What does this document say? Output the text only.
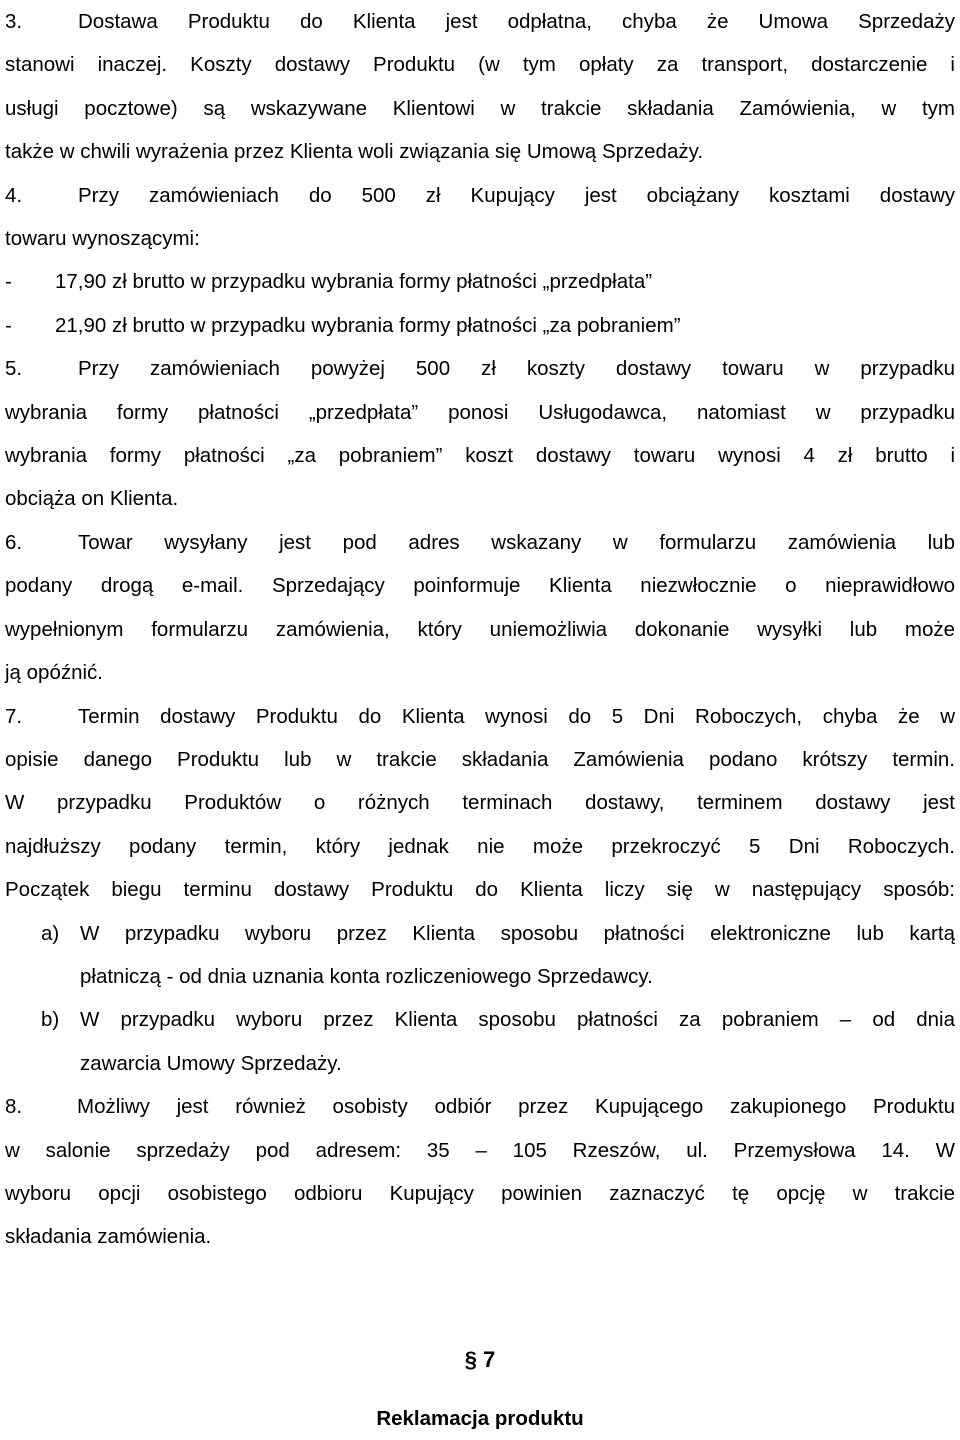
3.	Dostawa Produktu do Klienta jest odpłatna, chyba że Umowa Sprzedaży

stanowi inaczej. Koszty dostawy Produktu (w tym opłaty za transport, dostarczenie i

usługi pocztowe) są wskazywane Klientowi w trakcie składania Zamówienia, w tym

także w chwili wyrażenia przez Klienta woli związania się Umową Sprzedaży.

4.	Przy zamówieniach do 500 zł Kupujący jest obciążany kosztami dostawy

towaru wynoszącymi:

- 17,90 zł brutto w przypadku wybrania formy płatności „przedpłata”

- 21,90 zł brutto w przypadku wybrania formy płatności „za pobraniem”

5.	Przy zamówieniach powyżej 500 zł koszty dostawy towaru w przypadku

wybrania formy płatności „przedpłata” ponosi Usługodawca, natomiast w przypadku

wybrania formy płatności „za pobraniem” koszt dostawy towaru wynosi 4 zł brutto i

obciąża on Klienta.

6.	Towar wysyłany jest pod adres wskazany w formularzu zamówienia lub

podany drogą e-mail. Sprzedający poinformuje Klienta niezwłocznie o nieprawidłowo

wypełnionym formularzu zamówienia, który uniemożliwia dokonanie wysyłki lub może

ją opóźnić.

7.	Termin dostawy Produktu do Klienta wynosi do 5 Dni Roboczych, chyba że w

opisie danego Produktu lub w trakcie składania Zamówienia podano krótszy termin.

W przypadku Produktów o różnych terminach dostawy, terminem dostawy jest

najdłuższy podany termin, który jednak nie może przekroczyć 5 Dni Roboczych.

Początek biegu terminu dostawy Produktu do Klienta liczy się w następujący sposób:

a) W przypadku wyboru przez Klienta sposobu płatności elektroniczne lub kartą

płatniczą - od dnia uznania konta rozliczeniowego Sprzedawcy.

b) W przypadku wyboru przez Klienta sposobu płatności za pobraniem – od dnia

zawarcia Umowy Sprzedaży.

8.	Możliwy jest również osobisty odbiór przez Kupującego zakupionego Produktu

w salonie sprzedaży pod adresem: 35 – 105 Rzeszów, ul. Przemysłowa 14. W

wyboru opcji osobistego odbioru Kupujący powinien zaznaczyć tę opcję w trakcie

składania zamówienia.

§ 7
Reklamacja produktu
